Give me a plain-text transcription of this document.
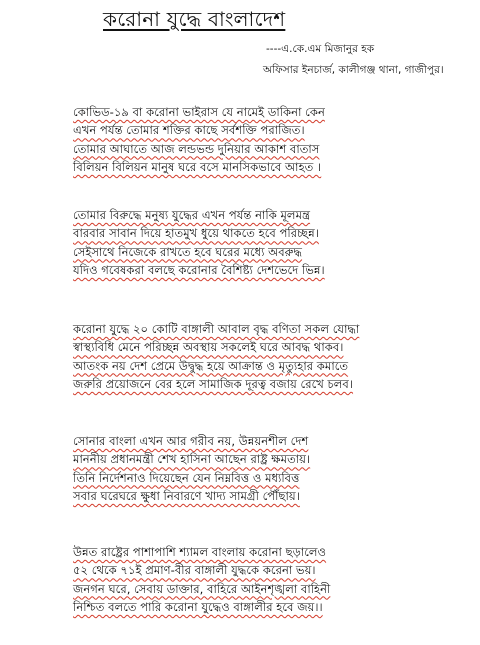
করোনা যুদ্ধে বাংলাদেশ
----এ.কে.এম মিজানুর হক
অফিসার ইনচার্জ, কালীগঞ্জ থানা, গাজীপুর।
কোভিড-১৯ বা করোনা ভাইরাস যে নামেই ডাকিনা কেন
এখন পর্যন্ত তোমার শক্তির কাছে সর্বশক্তি পরাজিত।
তোমার আঘাতে আজ লন্ডভন্ড দুনিয়ার আকাশ বাতাস
বিলিয়ন বিলিয়ন মানুষ ঘরে বসে মানসিকভাবে আহত ।
তোমার বিরুদ্ধে মনুষ্য যুদ্ধের এখন পর্যন্ত নাকি মূলমন্ত্র
বারবার সাবান দিয়ে হাতমুখ ধুয়ে থাকতে হবে পরিচ্ছন্ন।
সেইসাথে নিজেকে রাখতে হবে ঘরের মধ্যে অবরুদ্ধ
যদিও গবেষকরা বলছে করোনার বৈশিষ্ট্য দেশভেদে ভিন্ন।
করোনা যুদ্ধে ২০ কোটি বাঙ্গালী আবাল বৃদ্ধ বণিতা সকল যোদ্ধা
স্বাস্থ্যবিধি মেনে পরিচ্ছন্ন অবস্থায় সকলেই ঘরে আবদ্ধ থাকব।
আতংক নয় দেশ প্রেমে উদ্বুদ্ধ হয়ে আক্রান্ত ও মৃত্যুহার কমাতে
জরুরি প্রয়োজনে বের হলে সামাজিক দূরত্ব বজায় রেখে চলব।
সোনার বাংলা এখন আর গরীব নয়, উন্নয়নশীল দেশ
মাননীয় প্রধানমন্ত্রী শেখ হাসিনা আছেন রাষ্ট্র ক্ষমতায়।
তিনি নির্দেশনাও দিয়েছেন যেন নিম্নবিত্ত ও মধ্যবিত্ত
সবার ঘরেঘরে ক্ষুধা নিবারণে খাদ্য সামগ্রী পৌঁছায়।
উন্নত রাষ্ট্রের পাশাপাশি শ্যামল বাংলায় করোনা ছড়ালেও
৫২ থেকে ৭১ই প্রমাণ-বীর বাঙ্গালী যুদ্ধকে করেনা ভয়।
জনগন ঘরে, সেবায় ডাক্তার, বাহিরে আইনশৃঙ্খলা বাহিনী
নিশ্চিত বলতে পারি করোনা যুদ্ধেও বাঙ্গালীর হবে জয়।।
